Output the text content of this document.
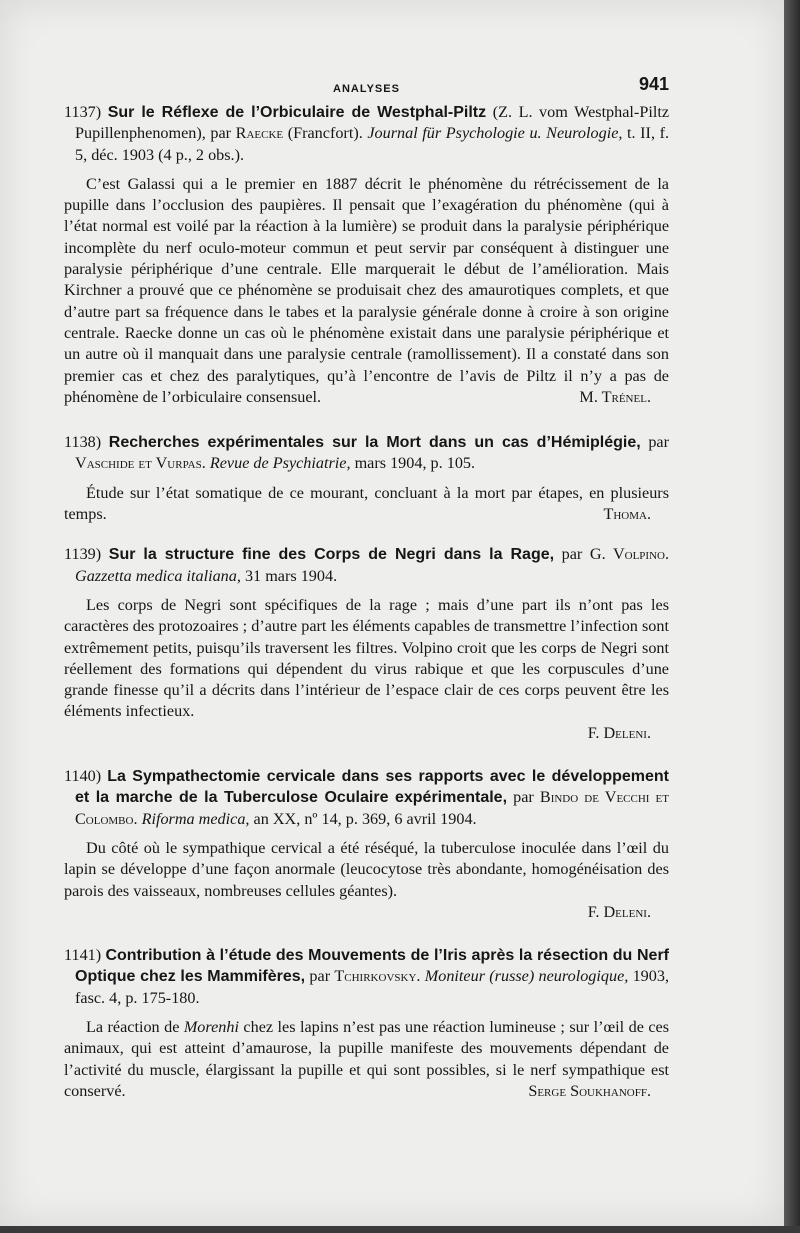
ANALYSES	941

1137) Sur le Réflexe de l’Orbiculaire de Westphal-Piltz (Z. L. vom Westphal-Piltz Pupillenphenomen), par Raecke (Francfort). Journal für Psychologie u. Neurologie, t. II, f. 5, déc. 1903 (4 p., 2 obs.).

C’est Galassi qui a le premier en 1887 décrit le phénomène du rétrécissement de la pupille dans l’occlusion des paupières. Il pensait que l’exagération du phénomène (qui à l’état normal est voilé par la réaction à la lumière) se produit dans la paralysie périphérique incomplète du nerf oculo-moteur commun et peut servir par conséquent à distinguer une paralysie périphérique d’une centrale. Elle marquerait le début de l’amélioration. Mais Kirchner a prouvé que ce phénomène se produisait chez des amaurotiques complets, et que d’autre part sa fréquence dans le tabes et la paralysie générale donne à croire à son origine centrale. Raecke donne un cas où le phénomène existait dans une paralysie périphérique et un autre où il manquait dans une paralysie centrale (ramollissement). Il a constaté dans son premier cas et chez des paralytiques, qu’à l’encontre de l’avis de Piltz il n’y a pas de phénomène de l’orbiculaire consensuel.	M. Trénel.

1138) Recherches expérimentales sur la Mort dans un cas d’Hémiplégie, par Vaschide et Vurpas. Revue de Psychiatrie, mars 1904, p. 105.

Étude sur l’état somatique de ce mourant, concluant à la mort par étapes, en plusieurs temps.	Thoma.

1139) Sur la structure fine des Corps de Negri dans la Rage, par G. Volpino. Gazzetta medica italiana, 31 mars 1904.

Les corps de Negri sont spécifiques de la rage ; mais d’une part ils n’ont pas les caractères des protozoaires ; d’autre part les éléments capables de transmettre l’infection sont extrêmement petits, puisqu’ils traversent les filtres. Volpino croit que les corps de Negri sont réellement des formations qui dépendent du virus rabique et que les corpuscules d’une grande finesse qu’il a décrits dans l’intérieur de l’espace clair de ces corps peuvent être les éléments infectieux.

F. Deleni.

1140) La Sympathectomie cervicale dans ses rapports avec le développement et la marche de la Tuberculose Oculaire expérimentale, par Bindo de Vecchi et Colombo. Riforma medica, an XX, nº 14, p. 369, 6 avril 1904.

Du côté où le sympathique cervical a été réséqué, la tuberculose inoculée dans l’œil du lapin se développe d’une façon anormale (leucocytose très abondante, homogénéisation des parois des vaisseaux, nombreuses cellules géantes).

F. Deleni.

1141) Contribution à l’étude des Mouvements de l’Iris après la résection du Nerf Optique chez les Mammifères, par Tchirkovsky. Moniteur (russe) neurologique, 1903, fasc. 4, p. 175-180.

La réaction de Morenhi chez les lapins n’est pas une réaction lumineuse ; sur l’œil de ces animaux, qui est atteint d’amaurose, la pupille manifeste des mouvements dépendant de l’activité du muscle, élargissant la pupille et qui sont possibles, si le nerf sympathique est conservé.	Serge Soukhanoff.
